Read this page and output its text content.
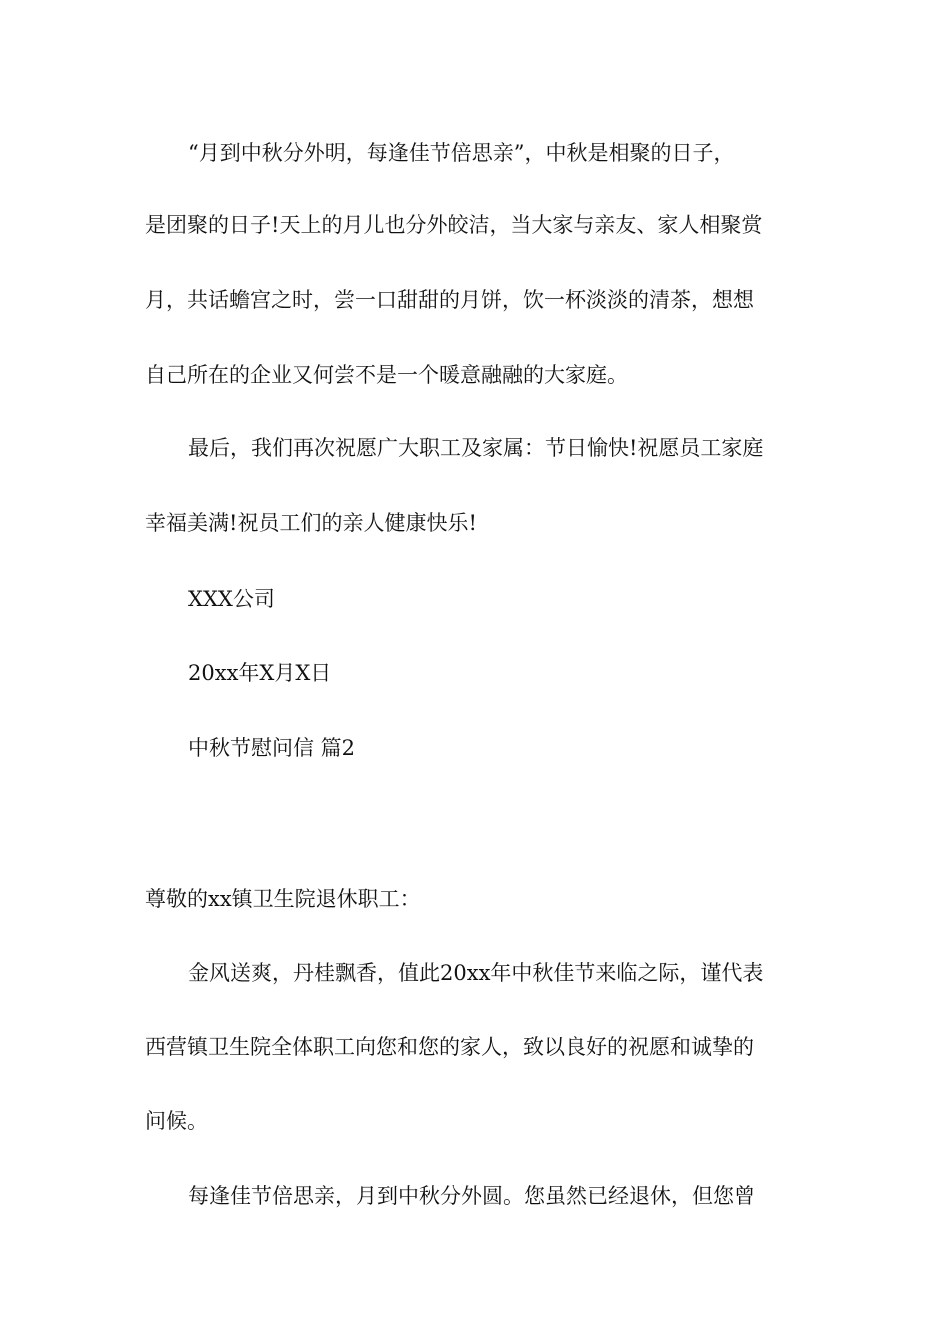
“月到中秋分外明，每逢佳节倍思亲”，中秋是相聚的日子，
是团聚的日子!天上的月儿也分外皎洁，当大家与亲友、家人相聚赏
月，共话蟾宫之时，尝一口甜甜的月饼，饮一杯淡淡的清茶，想想
自己所在的企业又何尝不是一个暖意融融的大家庭。
最后，我们再次祝愿广大职工及家属：节日愉快!祝愿员工家庭
幸福美满!祝员工们的亲人健康快乐!
XXX公司
20xx年X月X日
中秋节慰问信 篇2
尊敬的xx镇卫生院退休职工：
金风送爽，丹桂飘香，值此20xx年中秋佳节来临之际，谨代表
西营镇卫生院全体职工向您和您的家人，致以良好的祝愿和诚挚的
问候。
每逢佳节倍思亲，月到中秋分外圆。您虽然已经退休，但您曾
